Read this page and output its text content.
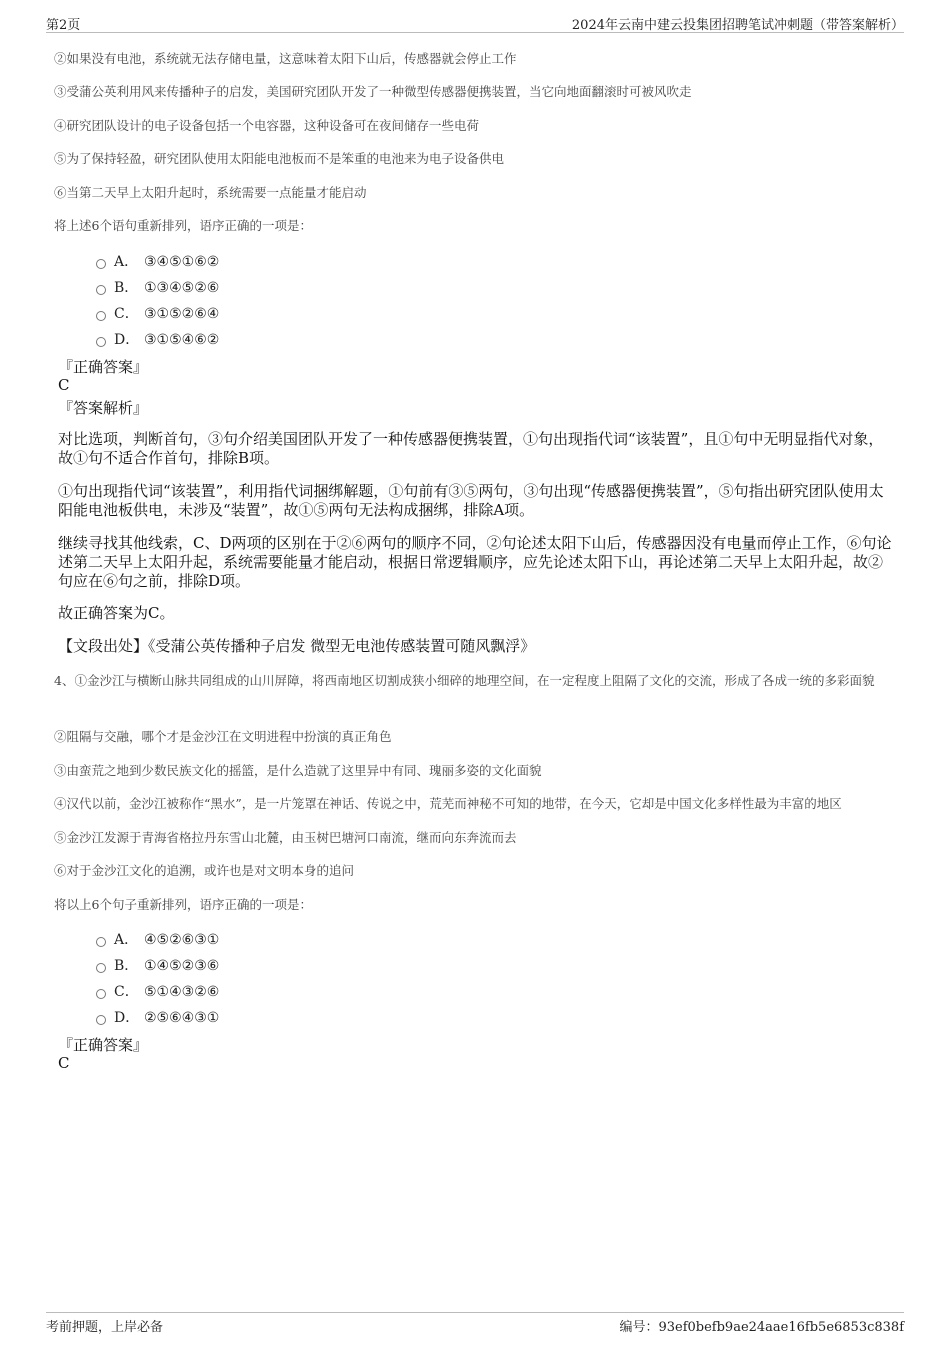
第2页	2024年云南中建云投集团招聘笔试冲刺题（带答案解析）
②如果没有电池，系统就无法存储电量，这意味着太阳下山后，传感器就会停止工作
③受蒲公英利用风来传播种子的启发，美国研究团队开发了一种微型传感器便携装置，当它向地面翻滚时可被风吹走
④研究团队设计的电子设备包括一个电容器，这种设备可在夜间储存一些电荷
⑤为了保持轻盈，研究团队使用太阳能电池板而不是笨重的电池来为电子设备供电
⑥当第二天早上太阳升起时，系统需要一点能量才能启动
将上述6个语句重新排列，语序正确的一项是：
A． ③④⑤①⑥②
B． ①③④⑤②⑥
C． ③①⑤②⑥④
D． ③①⑤④⑥②
『正确答案』
C
『答案解析』
对比选项，判断首句，③句介绍美国团队开发了一种传感器便携装置，①句出现指代词“该装置”，且①句中无明显指代对象，故①句不适合作首句，排除B项。
①句出现指代词“该装置”，利用指代词捆绑解题，①句前有③⑤两句，③句出现“传感器便携装置”，⑤句指出研究团队使用太阳能电池板供电，未涉及“装置”，故①⑤两句无法构成捆绑，排除A项。
继续寻找其他线索，C、D两项的区别在于②⑥两句的顺序不同，②句论述太阳下山后，传感器因没有电量而停止工作，⑥句论述第二天早上太阳升起，系统需要能量才能启动，根据日常逻辑顺序，应先论述太阳下山，再论述第二天早上太阳升起，故②句应在⑥句之前，排除D项。
故正确答案为C。
【文段出处】《受蒲公英传播种子启发 微型无电池传感装置可随风飘浮》
4、①金沙江与横断山脉共同组成的山川屏障，将西南地区切割成狭小细碎的地理空间，在一定程度上阻隔了文化的交流，形成了各成一统的多彩面貌
②阻隔与交融，哪个才是金沙江在文明进程中扮演的真正角色
③由蛮荒之地到少数民族文化的摇篮，是什么造就了这里异中有同、瑰丽多姿的文化面貌
④汉代以前，金沙江被称作“黑水”，是一片笼罩在神话、传说之中，荒芜而神秘不可知的地带，在今天，它却是中国文化多样性最为丰富的地区
⑤金沙江发源于青海省格拉丹东雪山北麓，由玉树巴塘河口南流，继而向东奔流而去
⑥对于金沙江文化的追溯，或许也是对文明本身的追问
将以上6个句子重新排列，语序正确的一项是：
A． ④⑤②⑥③①
B． ①④⑤②③⑥
C． ⑤①④③②⑥
D． ②⑤⑥④③①
『正确答案』
C
考前押题，上岸必备	编号：93ef0befb9ae24aae16fb5e6853c838f
